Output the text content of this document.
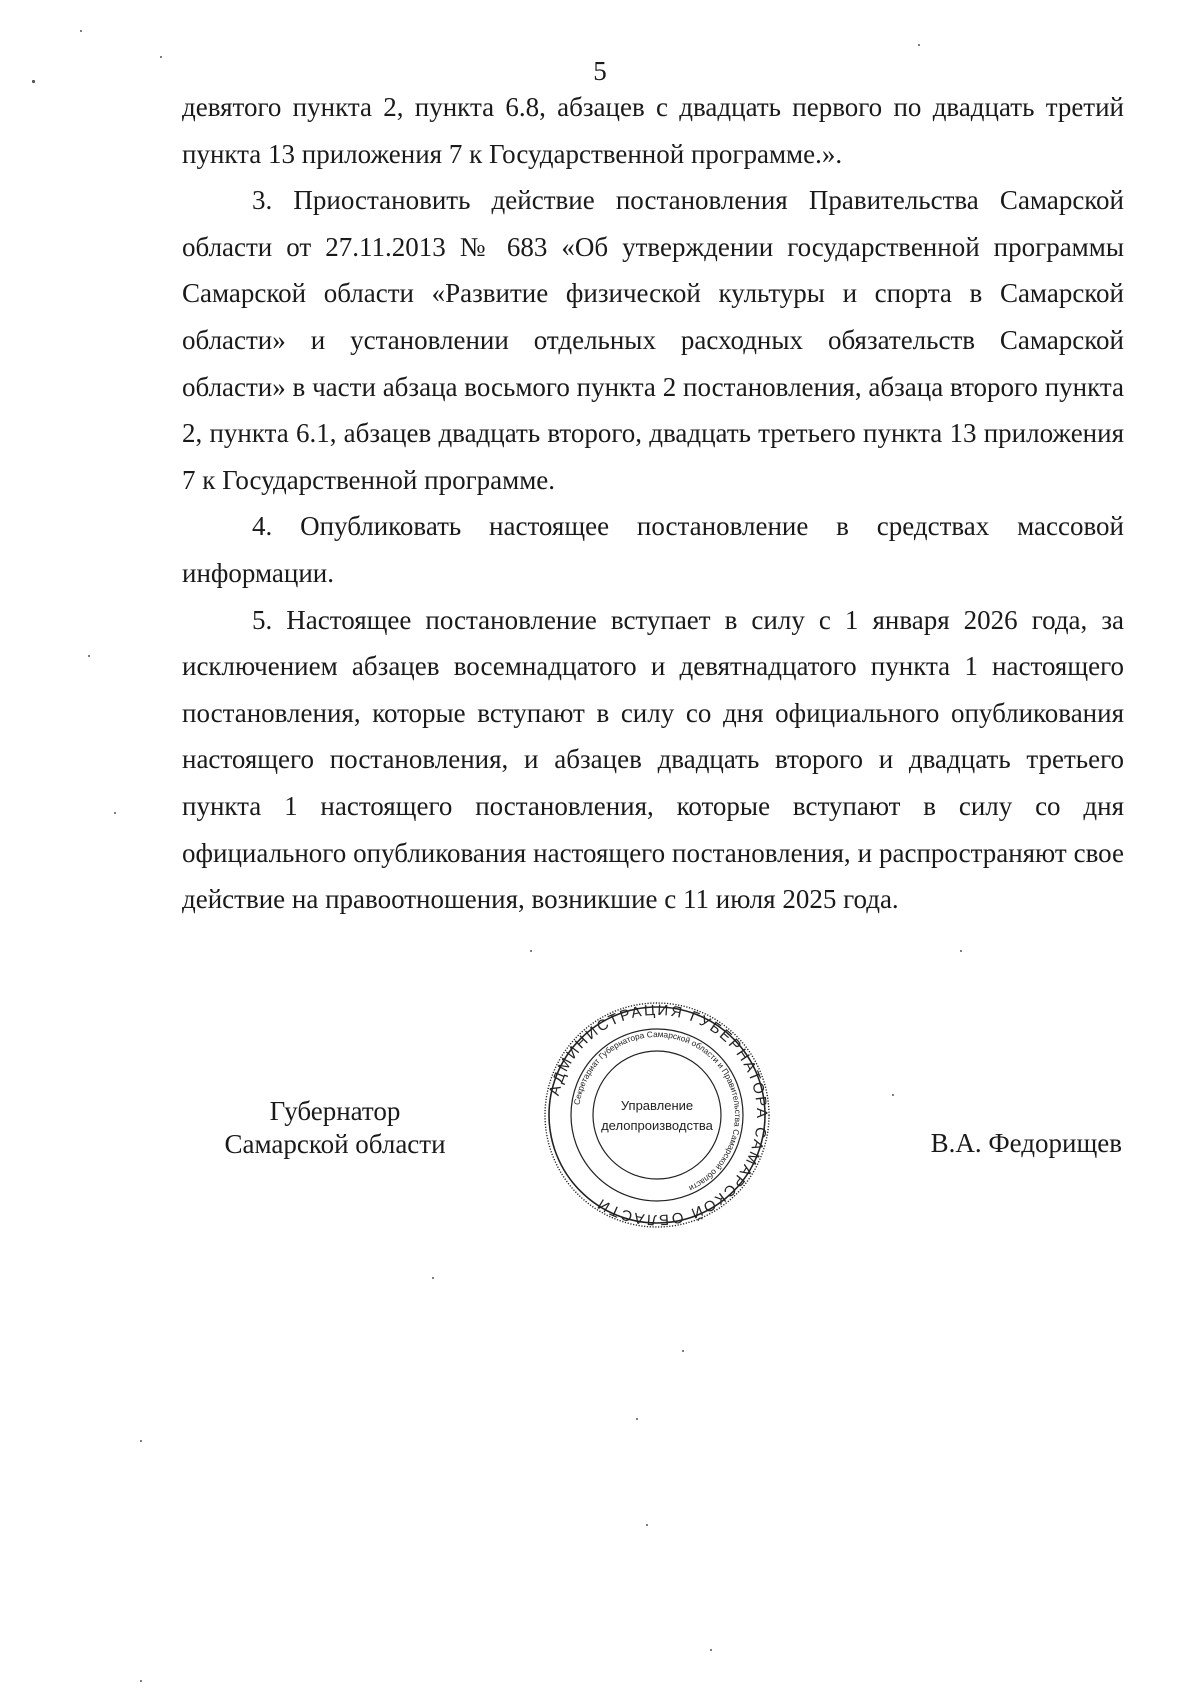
5

девятого пункта 2, пункта 6.8, абзацев с двадцать первого по двадцать третий пункта 13 приложения 7 к Государственной программе.».

3. Приостановить действие постановления Правительства Самарской области от 27.11.2013 № 683 «Об утверждении государственной программы Самарской области «Развитие физической культуры и спорта в Самарской области» и установлении отдельных расходных обязательств Самарской области» в части абзаца восьмого пункта 2 постановления, абзаца второго пункта 2, пункта 6.1, абзацев двадцать второго, двадцать третьего пункта 13 приложения 7 к Государственной программе.

4. Опубликовать настоящее постановление в средствах массовой информации.

5. Настоящее постановление вступает в силу с 1 января 2026 года, за исключением абзацев восемнадцатого и девятнадцатого пункта 1 настоящего постановления, которые вступают в силу со дня официального опубликования настоящего постановления, и абзацев двадцать второго и двадцать третьего пункта 1 настоящего постановления, которые вступают в силу со дня официального опубликования настоящего постановления, и распространяют свое действие на правоотношения, возникшие с 11 июля 2025 года.

Губернатор
Самарской области	В.А. Федорищев
АДМИНИСТРАЦИЯ ГУБЕРНАТОРА САМАРСКОЙ ОБЛАСТИ
Секретариат Губернатора Самарской области и Правительства Самарской области
Управление
делопроизводства
